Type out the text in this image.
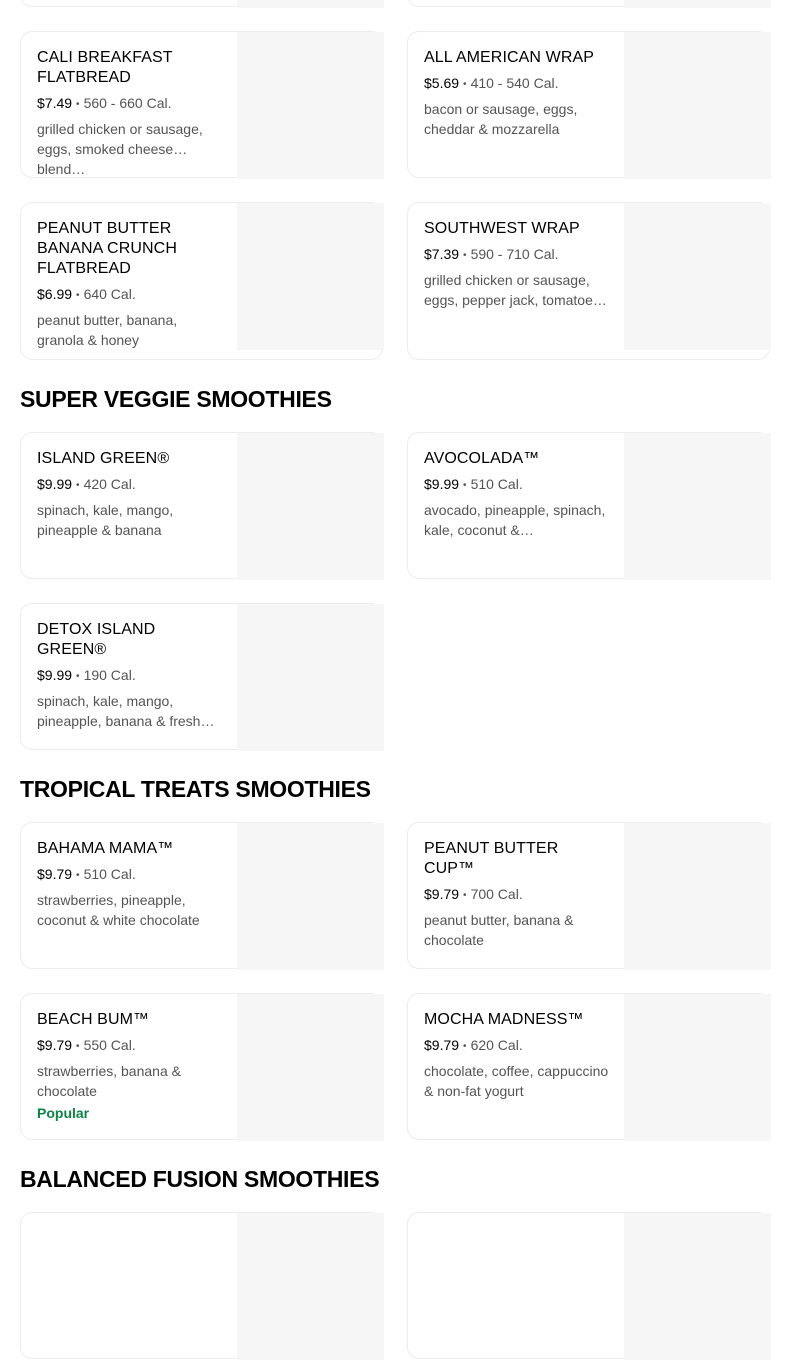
CALI BREAKFAST FLATBREAD
$7.49 • 560 - 660 Cal.
grilled chicken or sausage, eggs, smoked cheese blend…
ALL AMERICAN WRAP
$5.69 • 410 - 540 Cal.
bacon or sausage, eggs, cheddar & mozzarella
PEANUT BUTTER BANANA CRUNCH FLATBREAD
$6.99 • 640 Cal.
peanut butter, banana, granola & honey
SOUTHWEST WRAP
$7.39 • 590 - 710 Cal.
grilled chicken or sausage, eggs, pepper jack, tomatoe…
SUPER VEGGIE SMOOTHIES
ISLAND GREEN®
$9.99 • 420 Cal.
spinach, kale, mango, pineapple & banana
AVOCOLADA™
$9.99 • 510 Cal.
avocado, pineapple, spinach, kale, coconut &…
DETOX ISLAND GREEN®
$9.99 • 190 Cal.
spinach, kale, mango, pineapple, banana & fresh…
TROPICAL TREATS SMOOTHIES
BAHAMA MAMA™
$9.79 • 510 Cal.
strawberries, pineapple, coconut & white chocolate
PEANUT BUTTER CUP™
$9.79 • 700 Cal.
peanut butter, banana & chocolate
BEACH BUM™
$9.79 • 550 Cal.
strawberries, banana & chocolate
Popular
MOCHA MADNESS™
$9.79 • 620 Cal.
chocolate, coffee, cappuccino & non-fat yogurt
BALANCED FUSION SMOOTHIES
